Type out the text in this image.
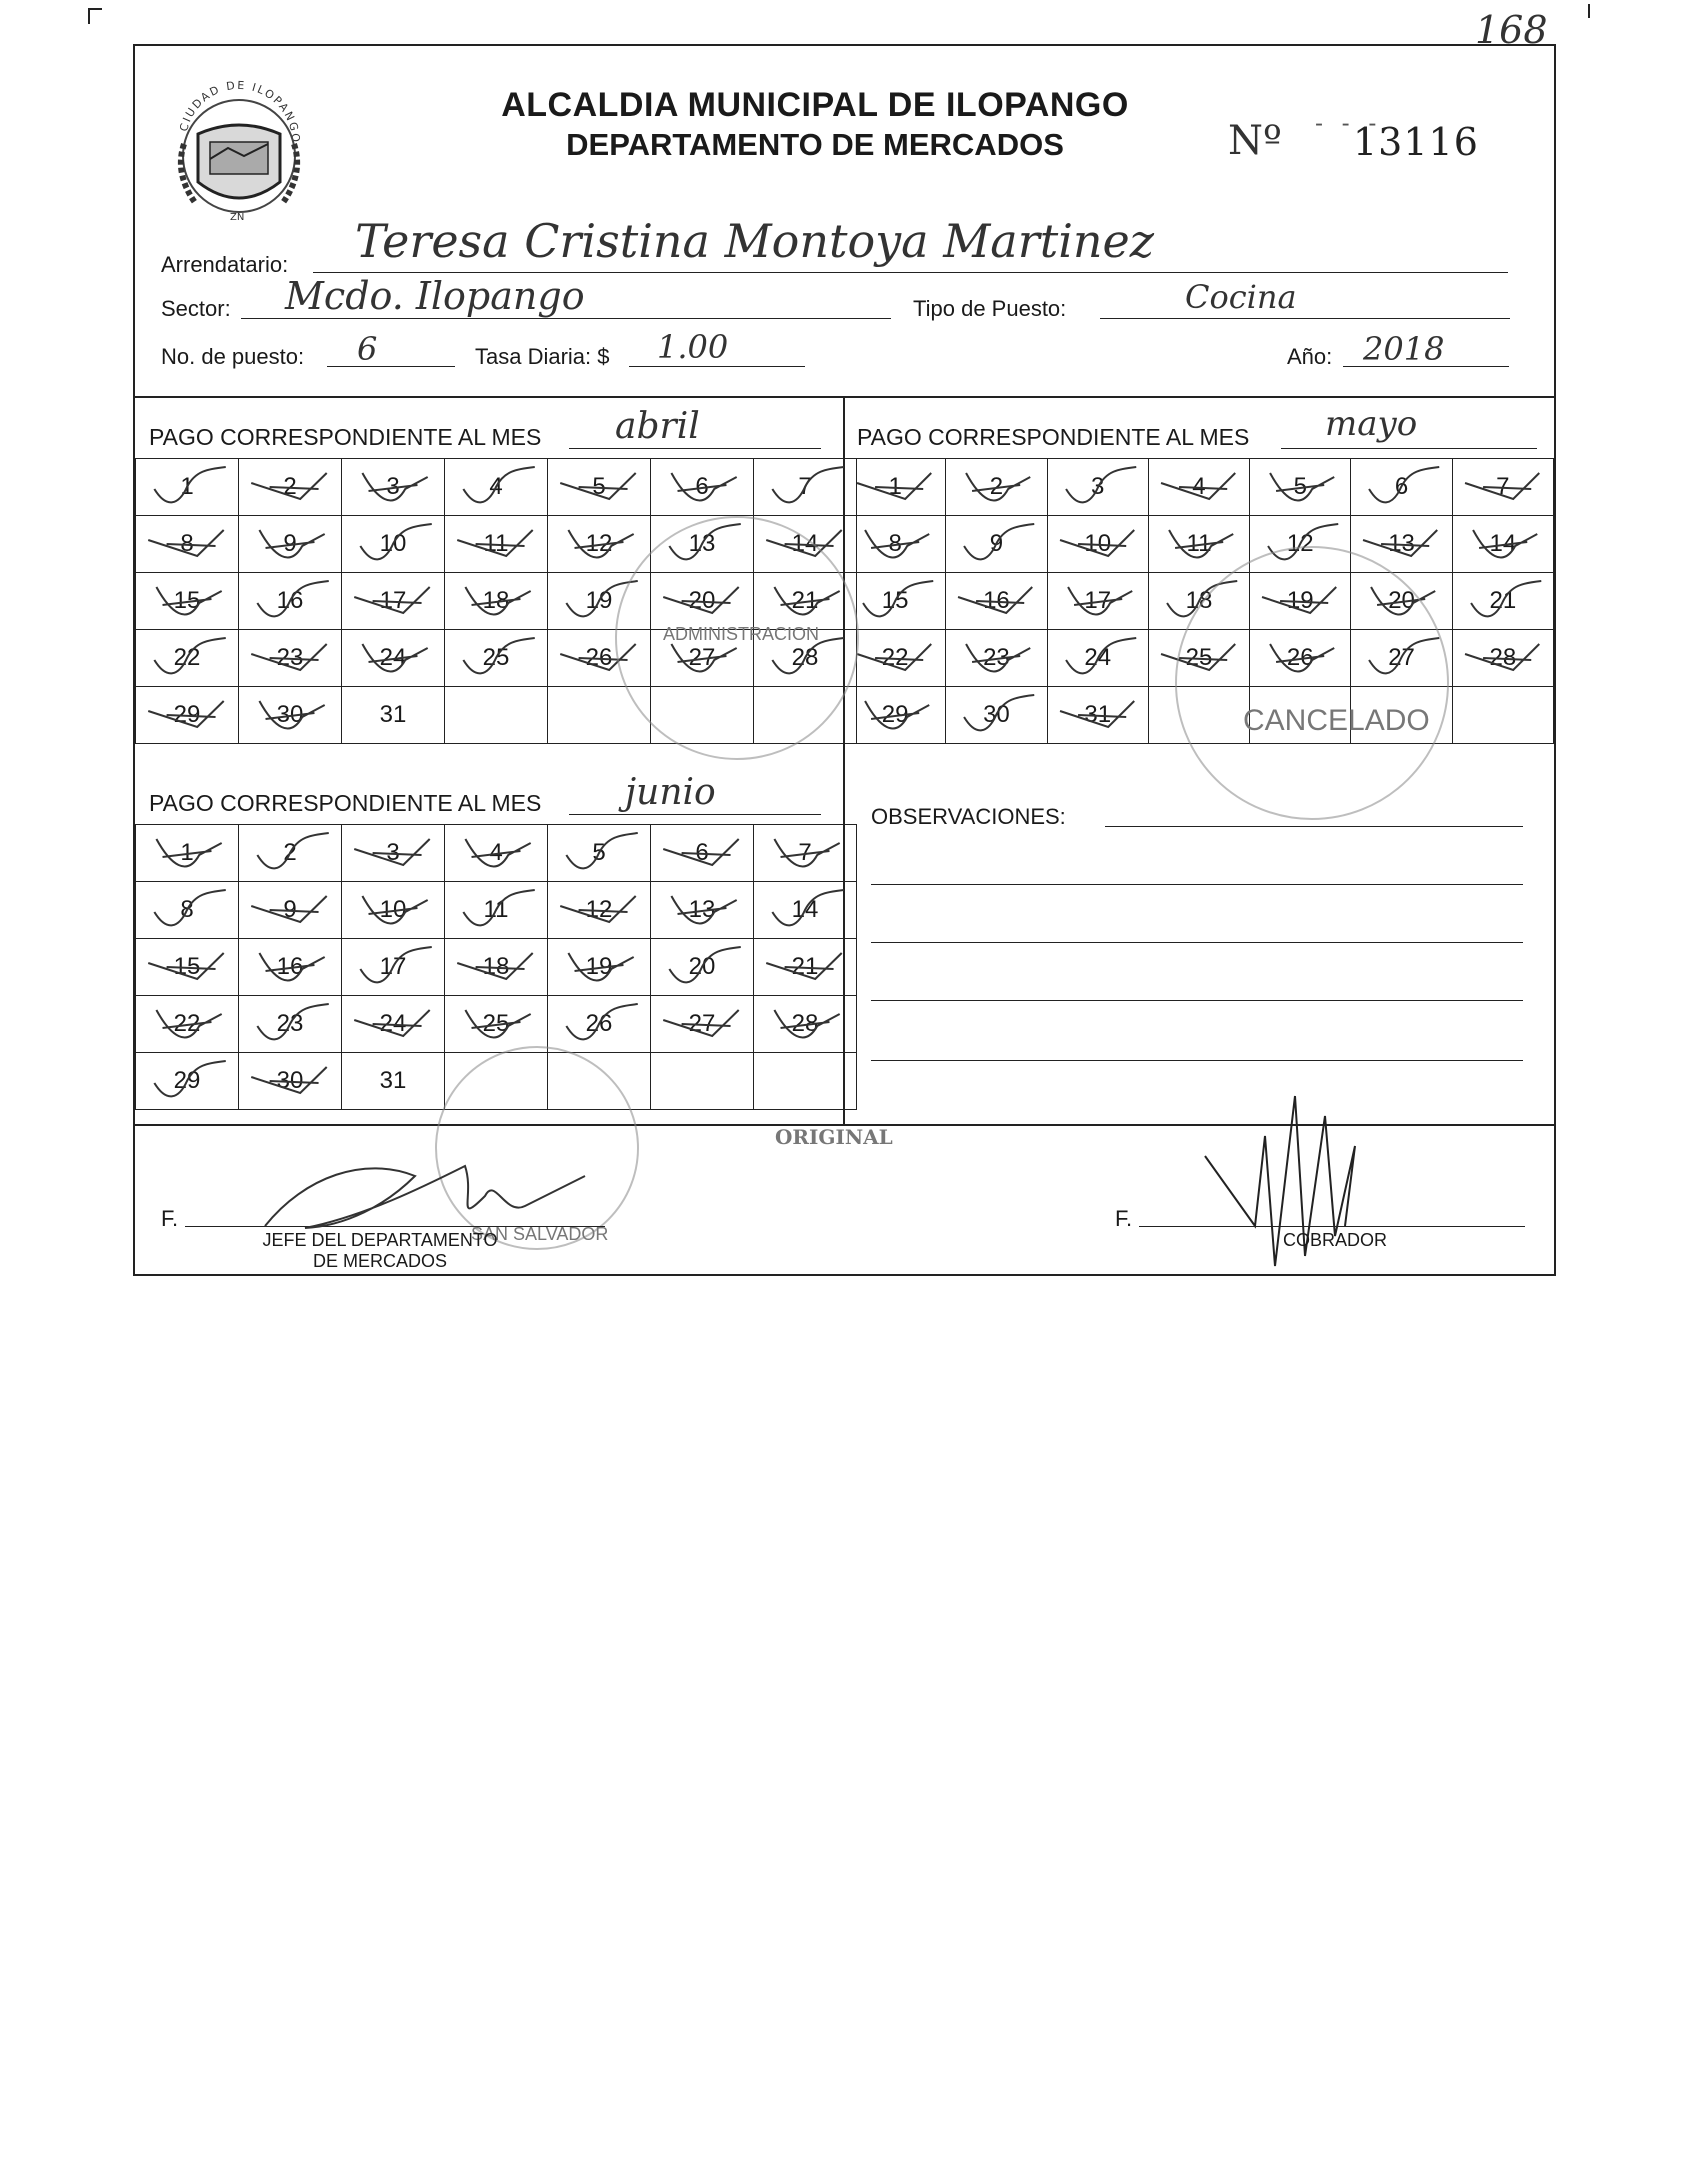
168
CIUDAD DE ILOPANGO
ZN
ALCALDIA MUNICIPAL DE ILOPANGO
DEPARTAMENTO DE MERCADOS
- - -
Nº 13116
Arrendatario: Teresa Cristina Montoya Martinez
Sector: Mcdo. Ilopango	Tipo de Puesto:	Cocina
No. de puesto: 6	Tasa Diaria: $ 1.00	Año: 2018
PAGO CORRESPONDIENTE AL MES abril
1	2	3	4	5	6	7

8	9	10	11	12	13	14

15	16	17	18	19	20	21

22	23	24	25	26	27	28

29	30	31				
PAGO CORRESPONDIENTE AL MES mayo
1	2	3	4	5	6	7

8	9	10	11	12	13	14

15	16	17	18	19	20	21

22	23	24	25	26	27	28

29	30	31

PAGO CORRESPONDIENTE AL MES junio
1	2	3	4	5	6	7

8	9	10	11	12	13	14

15	16	17	18	19	20	21

22	23	24	25	26	27	28

29	30	31				
OBSERVACIONES:
ADMINISTRACION
CANCELADO
SAN SALVADOR
ORIGINAL
F.
JEFE DEL DEPARTAMENTO
DE MERCADOS
F.
COBRADOR
